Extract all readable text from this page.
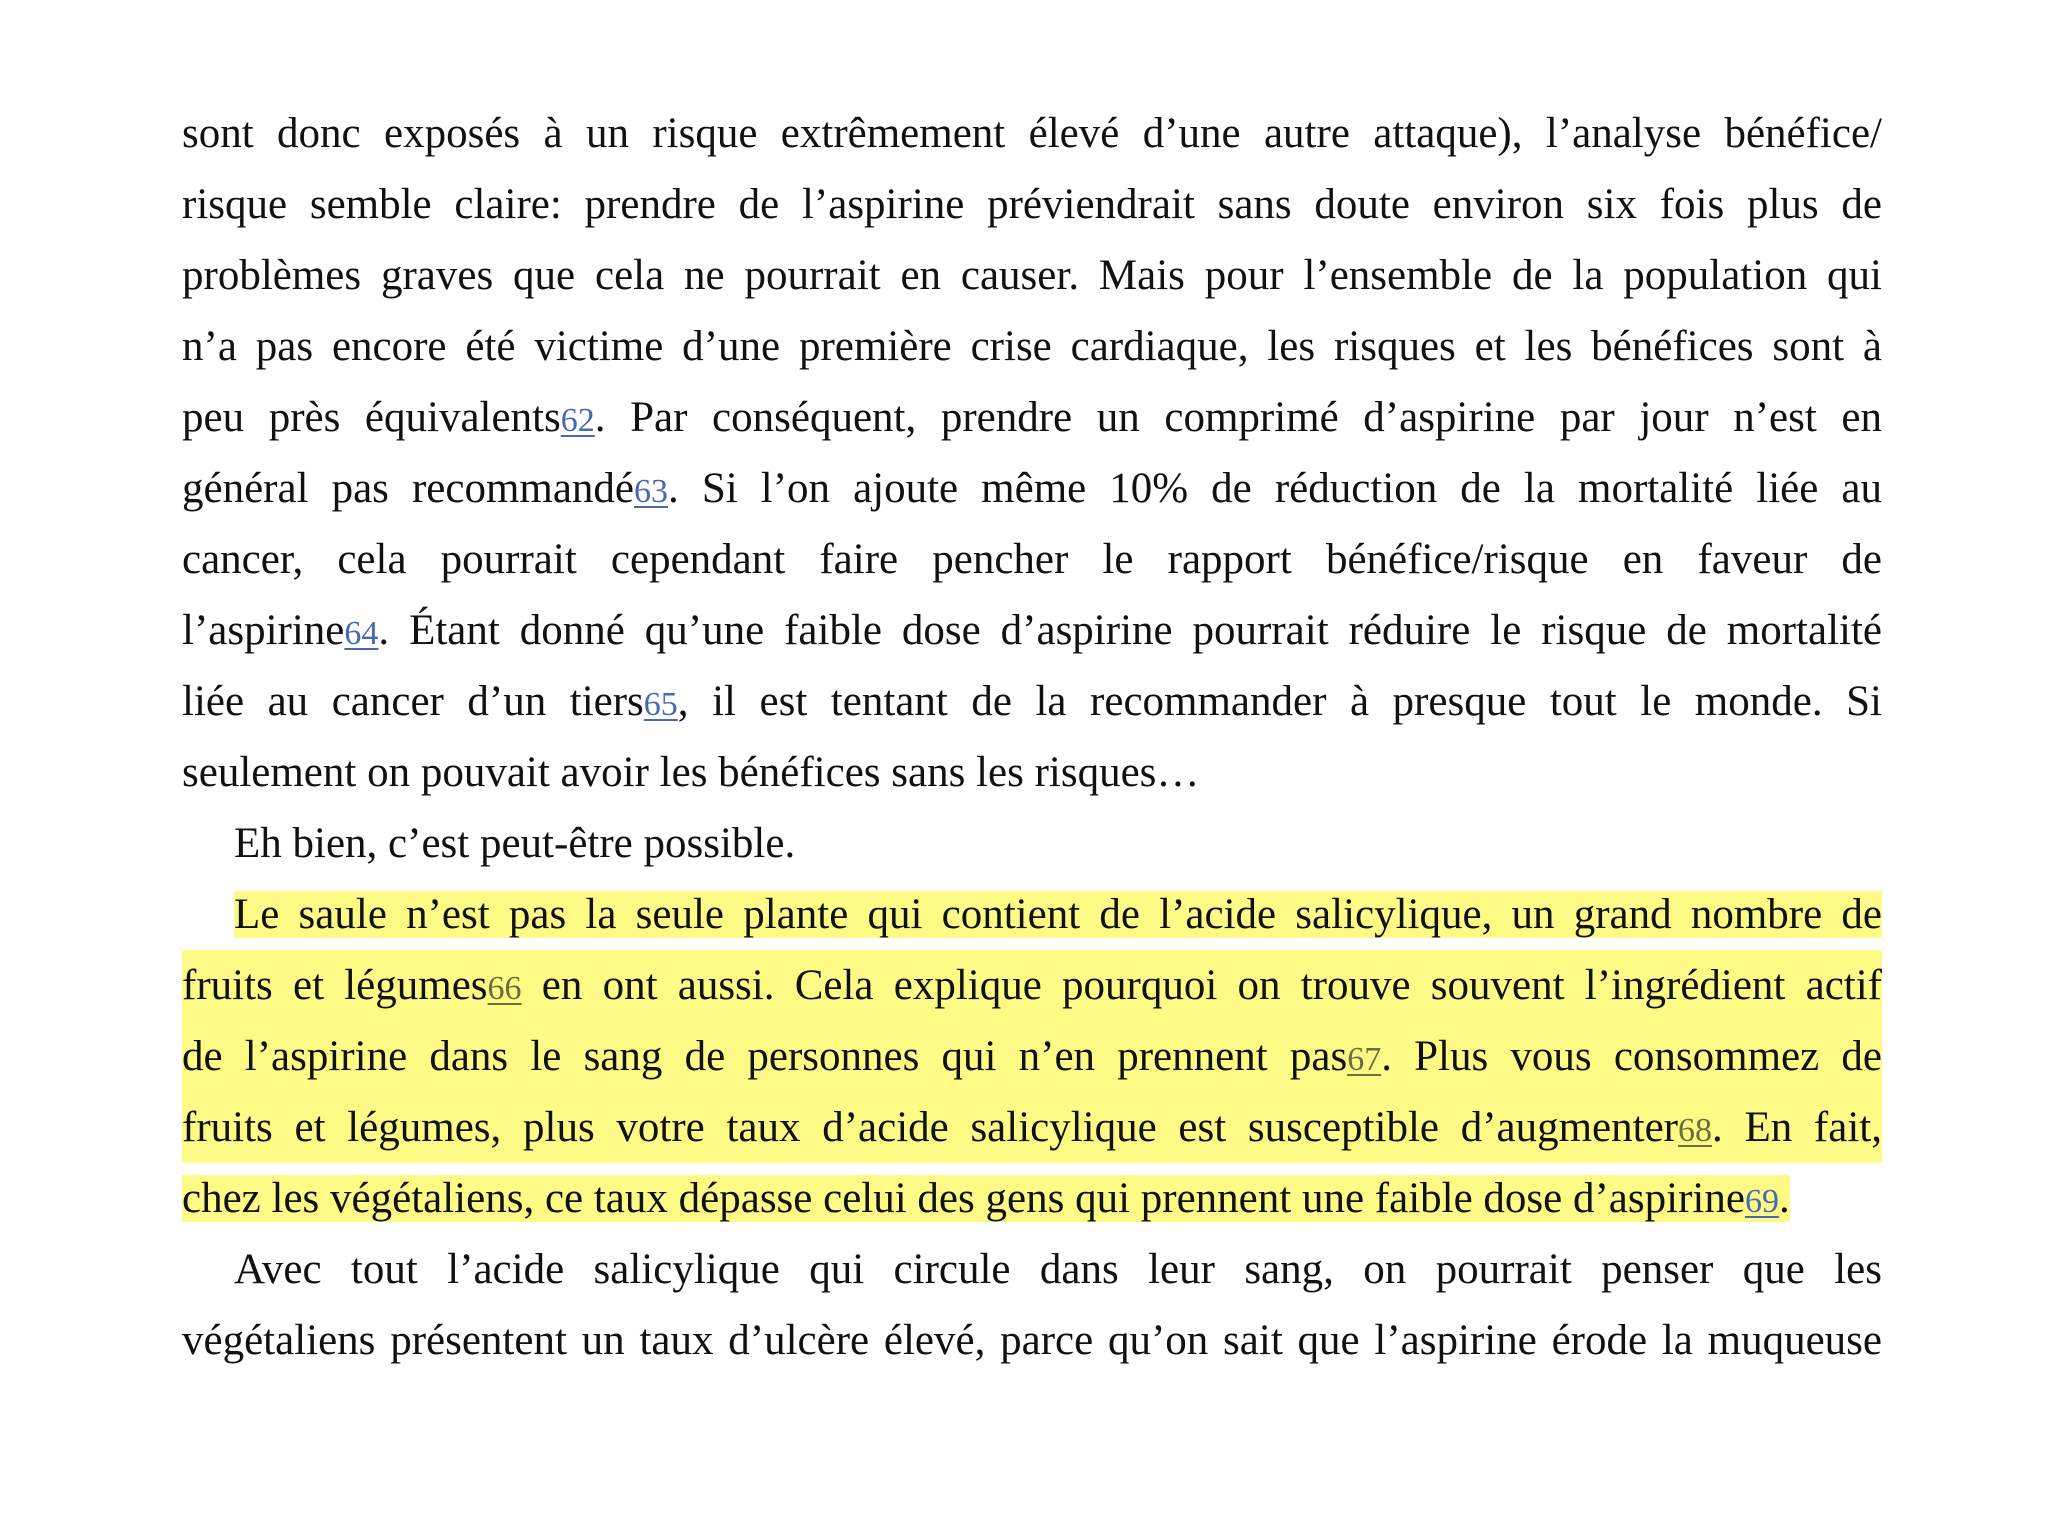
sont donc exposés à un risque extrêmement élevé d’une autre attaque), l’analyse bénéfice/
risque semble claire: prendre de l’aspirine préviendrait sans doute environ six fois plus de
problèmes graves que cela ne pourrait en causer. Mais pour l’ensemble de la population qui
n’a pas encore été victime d’une première crise cardiaque, les risques et les bénéfices sont à
peu près équivalents62. Par conséquent, prendre un comprimé d’aspirine par jour n’est en
général pas recommandé63. Si l’on ajoute même 10% de réduction de la mortalité liée au
cancer, cela pourrait cependant faire pencher le rapport bénéfice/risque en faveur de
l’aspirine64. Étant donné qu’une faible dose d’aspirine pourrait réduire le risque de mortalité
liée au cancer d’un tiers65, il est tentant de la recommander à presque tout le monde. Si
seulement on pouvait avoir les bénéfices sans les risques…
Eh bien, c’est peut-être possible.
Le saule n’est pas la seule plante qui contient de l’acide salicylique, un grand nombre de
fruits et légumes66 en ont aussi. Cela explique pourquoi on trouve souvent l’ingrédient actif
de l’aspirine dans le sang de personnes qui n’en prennent pas67. Plus vous consommez de
fruits et légumes, plus votre taux d’acide salicylique est susceptible d’augmenter68. En fait,
chez les végétaliens, ce taux dépasse celui des gens qui prennent une faible dose d’aspirine69.
Avec tout l’acide salicylique qui circule dans leur sang, on pourrait penser que les
végétaliens présentent un taux d’ulcère élevé, parce qu’on sait que l’aspirine érode la muqueuse
